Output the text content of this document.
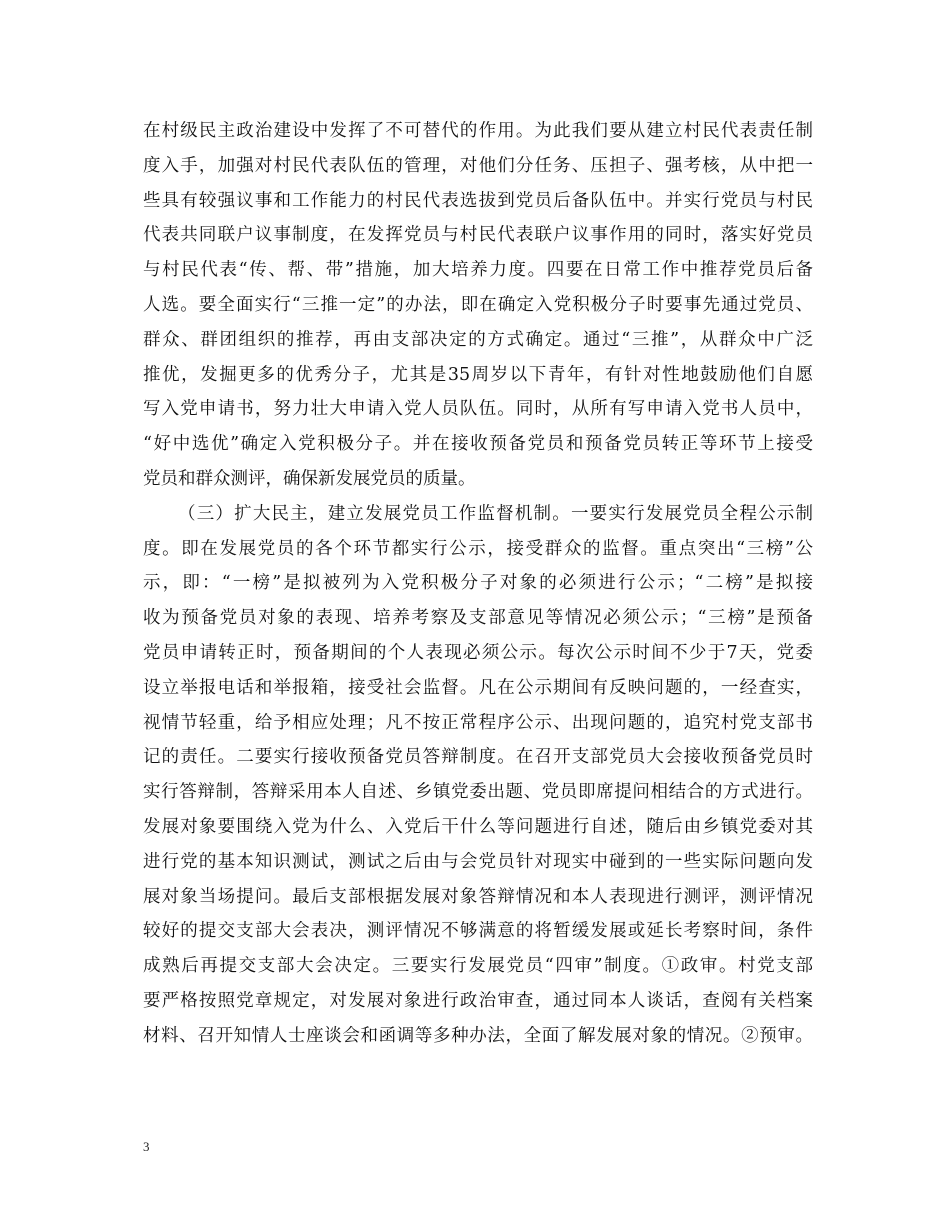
在村级民主政治建设中发挥了不可替代的作用。为此我们要从建立村民代表责任制
度入手，加强对村民代表队伍的管理，对他们分任务、压担子、强考核，从中把一
些具有较强议事和工作能力的村民代表选拔到党员后备队伍中。并实行党员与村民
代表共同联户议事制度，在发挥党员与村民代表联户议事作用的同时，落实好党员
与村民代表“传、帮、带”措施，加大培养力度。四要在日常工作中推荐党员后备
人选。要全面实行“三推一定”的办法，即在确定入党积极分子时要事先通过党员、
群众、群团组织的推荐，再由支部决定的方式确定。通过“三推”，从群众中广泛
推优，发掘更多的优秀分子，尤其是35周岁以下青年，有针对性地鼓励他们自愿
写入党申请书，努力壮大申请入党人员队伍。同时，从所有写申请入党书人员中，
“好中选优”确定入党积极分子。并在接收预备党员和预备党员转正等环节上接受
党员和群众测评，确保新发展党员的质量。
（三）扩大民主，建立发展党员工作监督机制。一要实行发展党员全程公示制
度。即在发展党员的各个环节都实行公示，接受群众的监督。重点突出“三榜”公
示，即：“一榜”是拟被列为入党积极分子对象的必须进行公示；“二榜”是拟接
收为预备党员对象的表现、培养考察及支部意见等情况必须公示；“三榜”是预备
党员申请转正时，预备期间的个人表现必须公示。每次公示时间不少于7天，党委
设立举报电话和举报箱，接受社会监督。凡在公示期间有反映问题的，一经查实，
视情节轻重，给予相应处理；凡不按正常程序公示、出现问题的，追究村党支部书
记的责任。二要实行接收预备党员答辩制度。在召开支部党员大会接收预备党员时
实行答辩制，答辩采用本人自述、乡镇党委出题、党员即席提问相结合的方式进行。
发展对象要围绕入党为什么、入党后干什么等问题进行自述，随后由乡镇党委对其
进行党的基本知识测试，测试之后由与会党员针对现实中碰到的一些实际问题向发
展对象当场提问。最后支部根据发展对象答辩情况和本人表现进行测评，测评情况
较好的提交支部大会表决，测评情况不够满意的将暂缓发展或延长考察时间，条件
成熟后再提交支部大会决定。三要实行发展党员“四审”制度。①政审。村党支部
要严格按照党章规定，对发展对象进行政治审查，通过同本人谈话，查阅有关档案
材料、召开知情人士座谈会和函调等多种办法，全面了解发展对象的情况。②预审。
3
